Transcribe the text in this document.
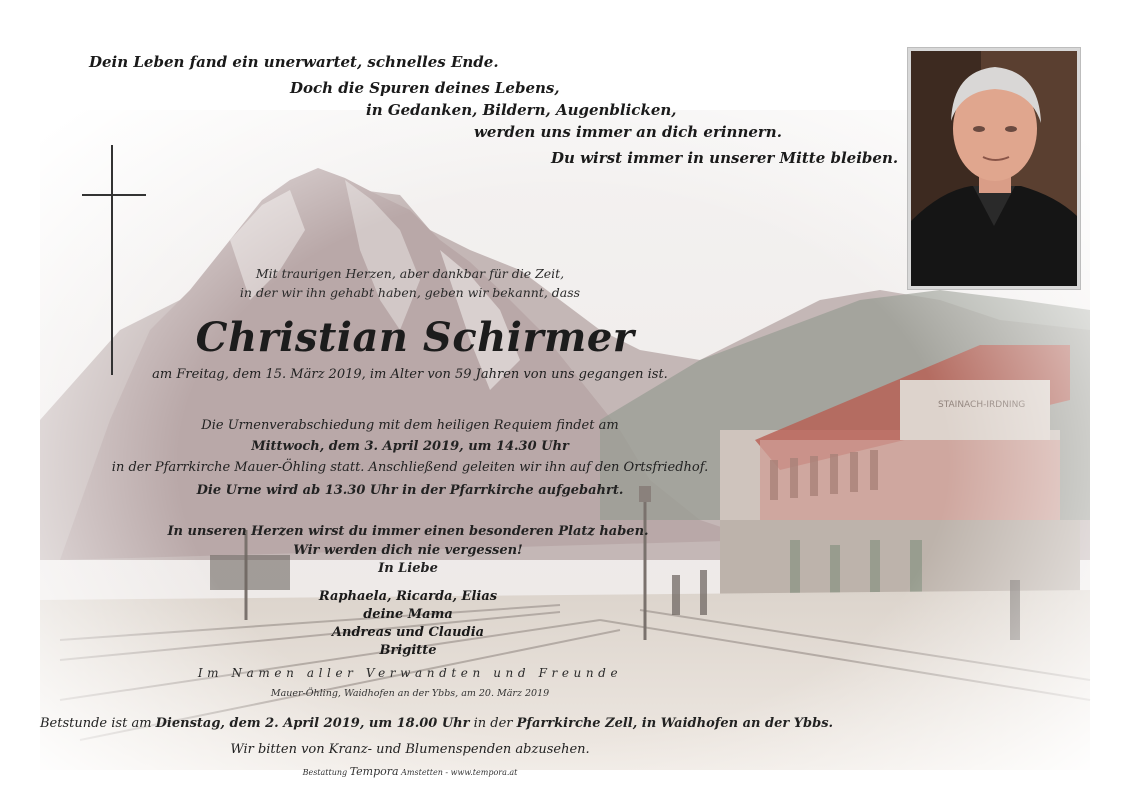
Dein Leben fand ein unerwartet, schnelles Ende.
Doch die Spuren deines Lebens,
in Gedanken, Bildern, Augenblicken,
werden uns immer an dich erinnern.
Du wirst immer in unserer Mitte bleiben.
Mit traurigen Herzen, aber dankbar für die Zeit,
in der wir ihn gehabt haben, geben wir bekannt, dass
Christian Schirmer
am Freitag, dem 15. März 2019, im Alter von 59 Jahren von uns gegangen ist.
Die Urnenverabschiedung mit dem heiligen Requiem findet am
Mittwoch, dem 3. April 2019, um 14.30 Uhr
in der Pfarrkirche Mauer-Öhling statt. Anschließend geleiten wir ihn auf den Ortsfriedhof.
Die Urne wird ab 13.30 Uhr in der Pfarrkirche aufgebahrt.
In unseren Herzen wirst du immer einen besonderen Platz haben.
Wir werden dich nie vergessen!
In Liebe
Raphaela, Ricarda, Elias
deine Mama
Andreas und Claudia
Brigitte
Im Namen aller Verwandten und Freunde
Mauer-Öhling, Waidhofen an der Ybbs, am 20. März 2019
Betstunde ist am Dienstag, dem 2. April 2019, um 18.00 Uhr in der Pfarrkirche Zell, in Waidhofen an der Ybbs.
Wir bitten von Kranz- und Blumenspenden abzusehen.
Bestattung Tempora Amstetten - www.tempora.at
